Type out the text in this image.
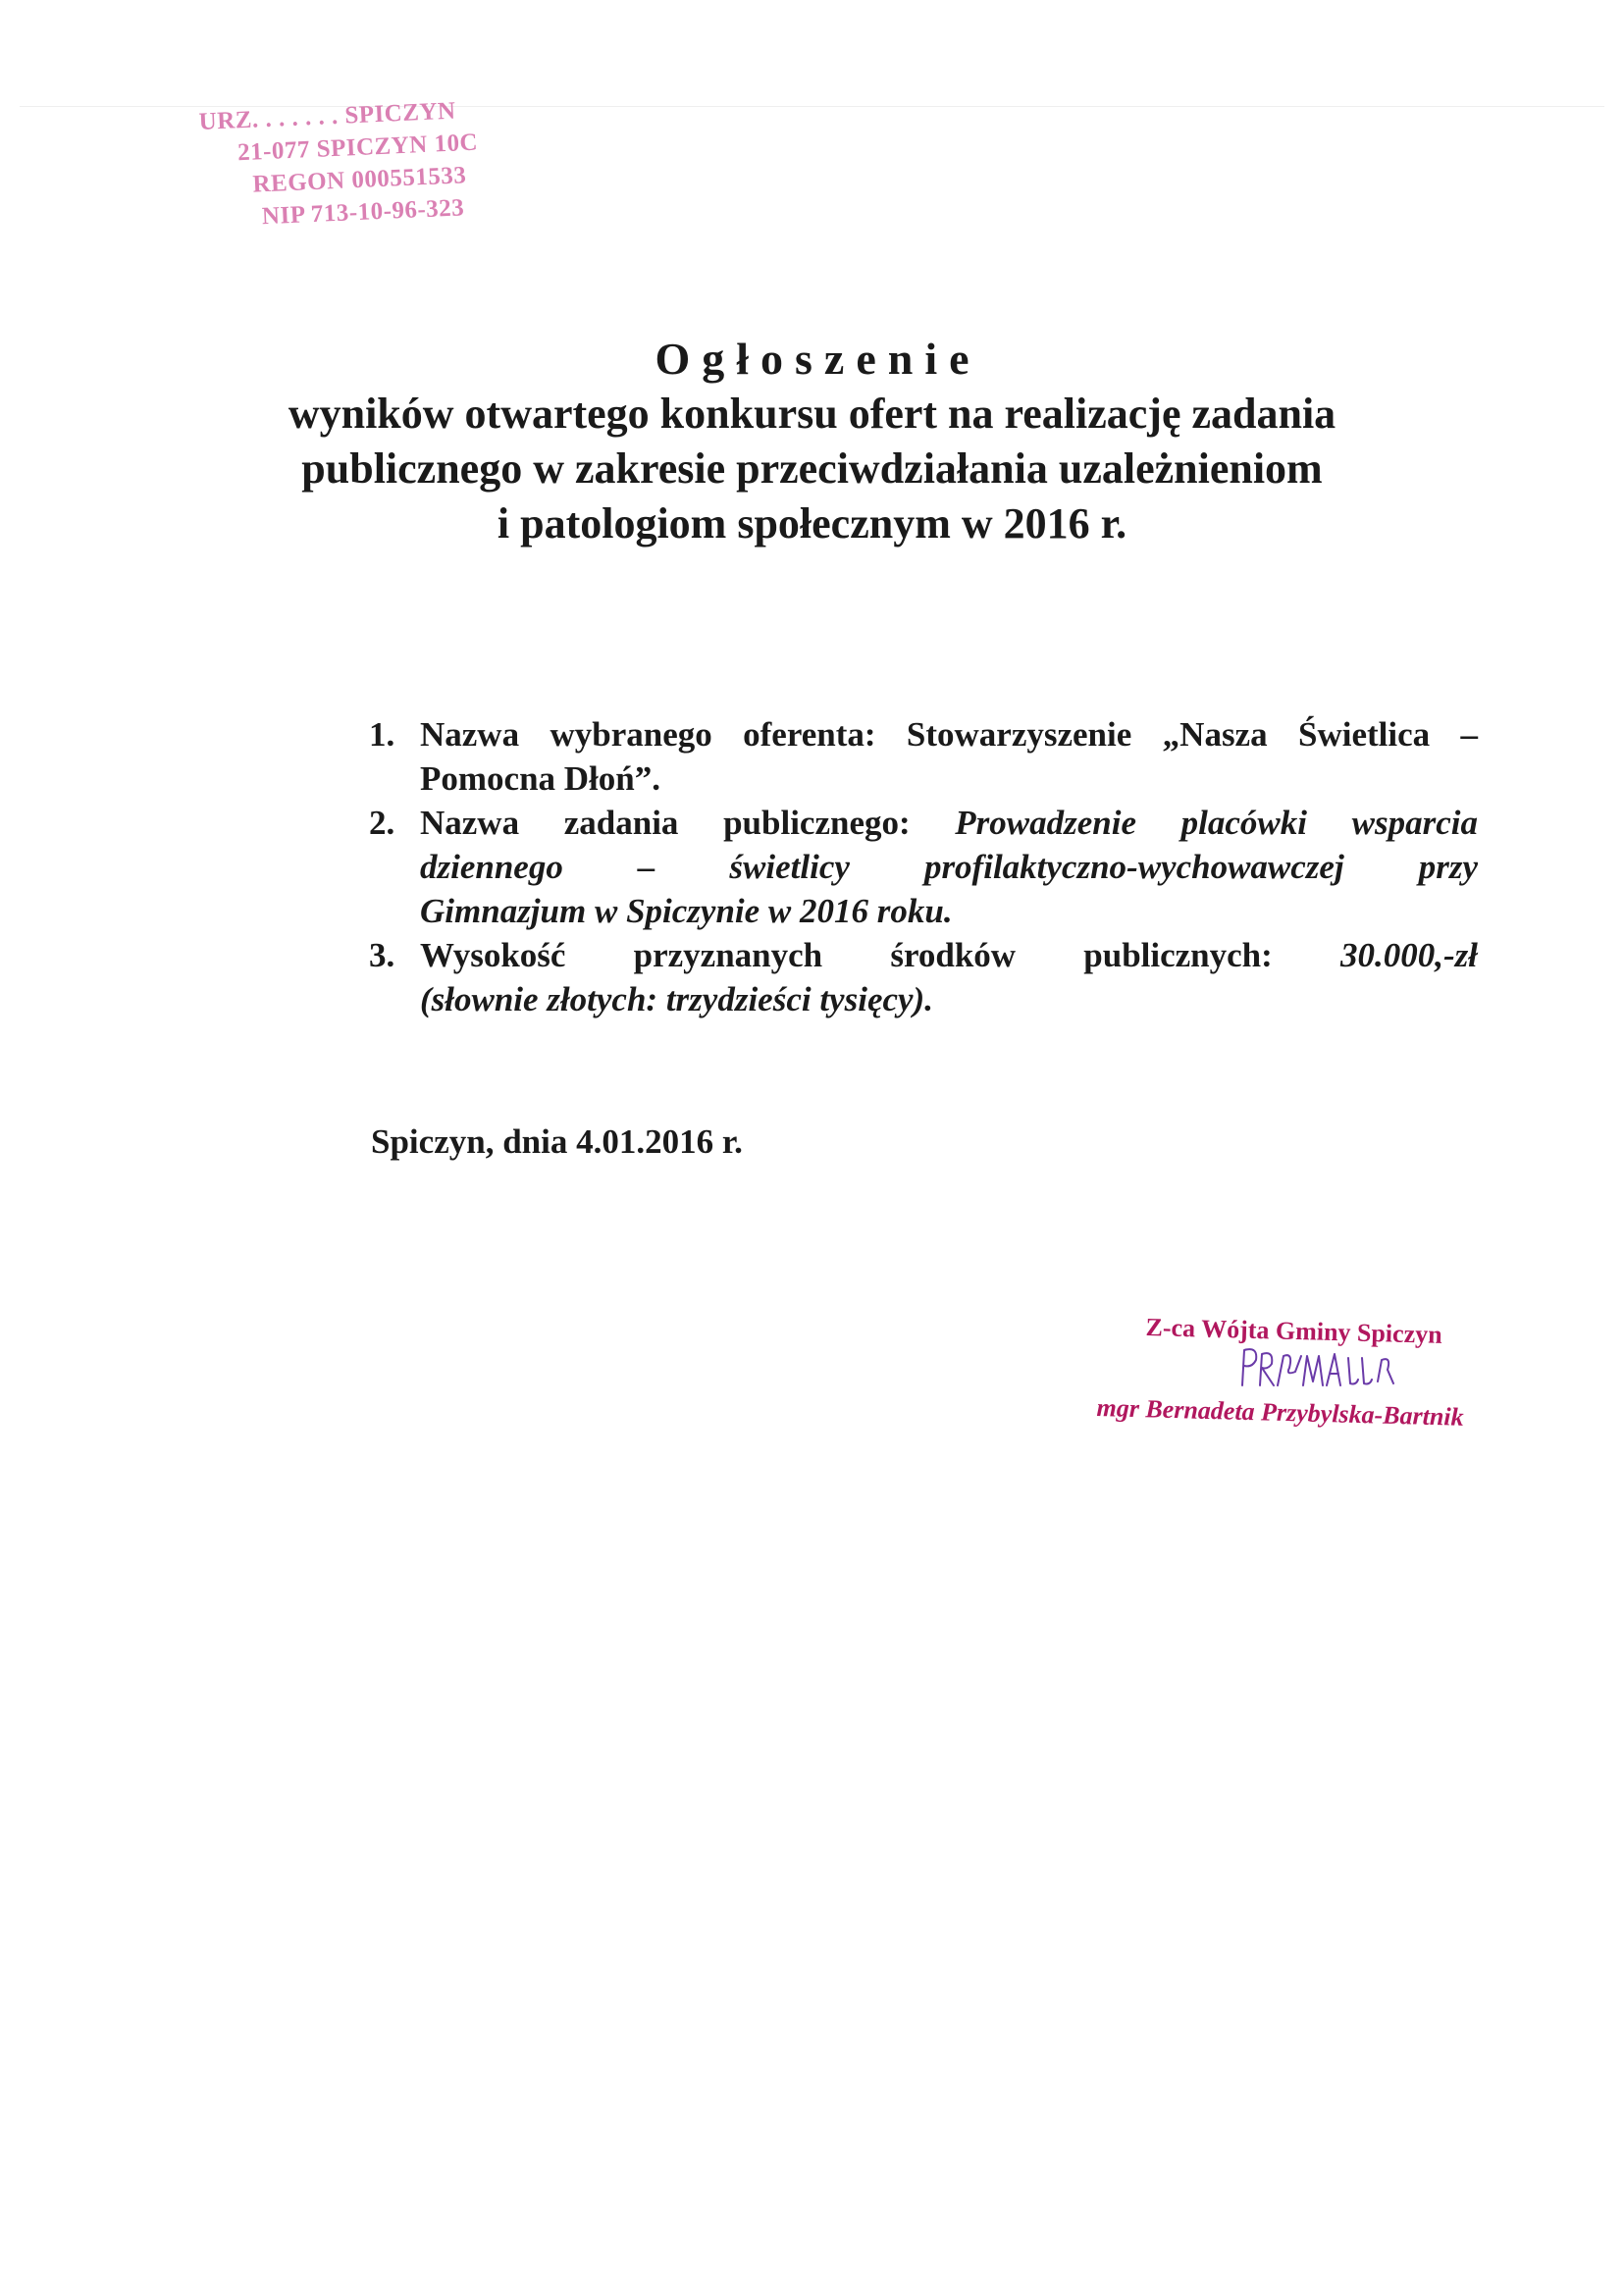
URZ. . . . . . . SPICZYN
21-077 SPICZYN 10C
REGON 000551533
NIP 713-10-96-323
Ogłoszenie
wyników otwartego konkursu ofert na realizację zadania
publicznego w zakresie przeciwdziałania uzależnieniom
i patologiom społecznym w 2016 r.
1. Nazwa wybranego oferenta: Stowarzyszenie „Nasza Świetlica –
Pomocna Dłoń”.
2. Nazwa zadania publicznego: Prowadzenie placówki wsparcia
dziennego – świetlicy profilaktyczno-wychowawczej przy
Gimnazjum w Spiczynie w 2016 roku.
3. Wysokość przyznanych środków publicznych: 30.000,-zł
(słownie złotych: trzydzieści tysięcy).
Spiczyn, dnia 4.01.2016 r.
Z-ca Wójta Gminy Spiczyn
mgr Bernadeta Przybylska-Bartnik
